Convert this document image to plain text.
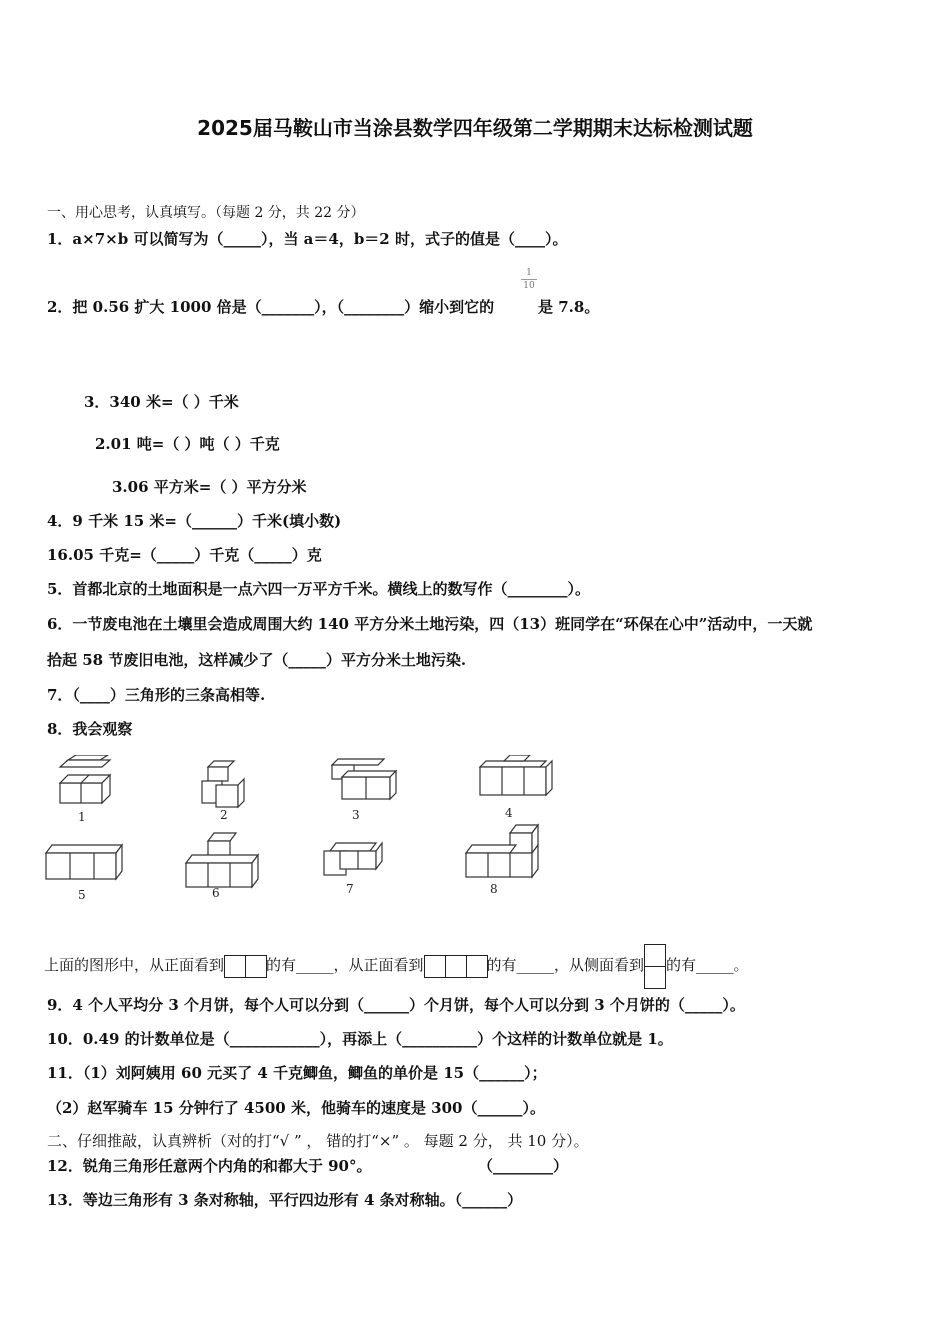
2025届马鞍山市当涂县数学四年级第二学期期末达标检测试题
一、用心思考，认真填写。（每题 2 分，共 22 分）
1．a×7×b 可以简写为（_____），当 a＝4，b＝2 时，式子的值是（____）。
2．把 0.56 扩大 1000 倍是（_______），（________）缩小到它的
1
10
是 7.8。
3．340 米=（ ）千米
2.01 吨=（ ）吨（ ）千克
3.06 平方米=（ ）平方分米
4．9 千米 15 米=（______）千米(填小数)
16.05 千克=（_____）千克（_____）克
5．首都北京的土地面积是一点六四一万平方千米。横线上的数写作（________）。
6．一节废电池在土壤里会造成周围大约 140 平方分米土地污染，四（13）班同学在“环保在心中”活动中，一天就
拾起 58 节废旧电池，这样减少了（_____）平方分米土地污染.
7．（____）三角形的三条高相等.
8．我会观察
1	2	3	4
5	6	7	8
上面的图形中，从正面看到	的有_____，从正面看到	的有_____，从侧面看到 的有_____。
9．4 个人平均分 3 个月饼，每个人可以分到（______）个月饼，每个人可以分到 3 个月饼的（_____）。
10．0.49 的计数单位是（____________），再添上（__________）个这样的计数单位就是 1。
11．（1）刘阿姨用 60 元买了 4 千克鲫鱼，鲫鱼的单价是 15（______）；
（2）赵军骑车 15 分钟行了 4500 米，他骑车的速度是 300（______）。
二、仔细推敲，认真辨析（对的打“√ ” ， 错的打“×” 。 每题 2 分， 共 10 分）。
12．锐角三角形任意两个内角的和都大于 90°。	（________）
13．等边三角形有 3 条对称轴，平行四边形有 4 条对称轴。（______）
